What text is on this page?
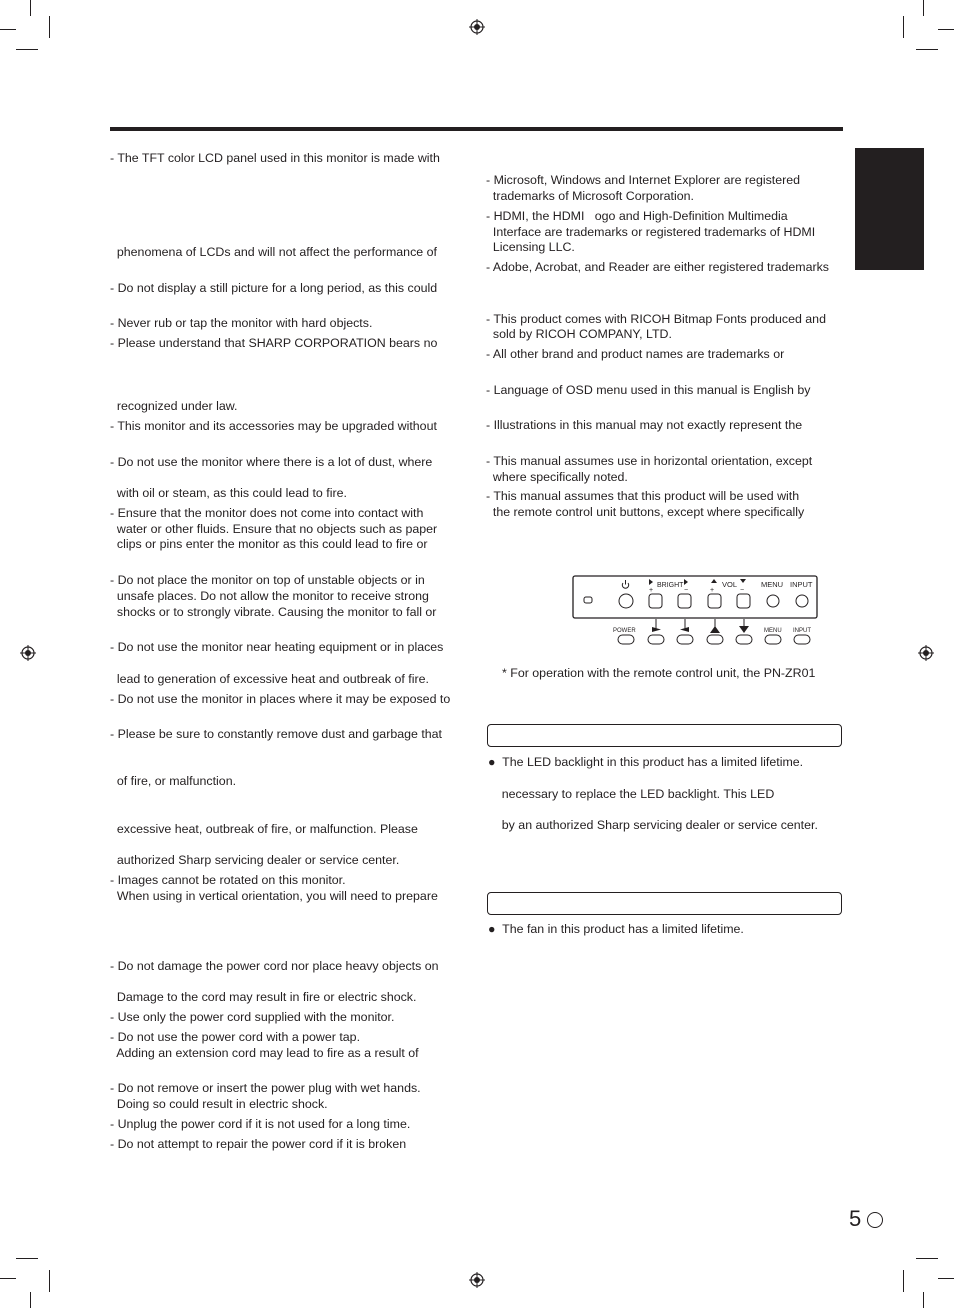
- The TFT color LCD panel used in this monitor is made with
phenomena of LCDs and will not affect the performance of
- Do not display a still picture for a long period, as this could
- Never rub or tap the monitor with hard objects.
- Please understand that SHARP CORPORATION bears no
recognized under law.
- This monitor and its accessories may be upgraded without
- Do not use the monitor where there is a lot of dust, where
with oil or steam, as this could lead to fire.
- Ensure that the monitor does not come into contact with
water or other fluids. Ensure that no objects such as paper
clips or pins enter the monitor as this could lead to fire or
- Do not place the monitor on top of unstable objects or in
unsafe places. Do not allow the monitor to receive strong
shocks or to strongly vibrate. Causing the monitor to fall or
- Do not use the monitor near heating equipment or in places
lead to generation of excessive heat and outbreak of fire.
- Do not use the monitor in places where it may be exposed to
- Please be sure to constantly remove dust and garbage that
of fire, or malfunction.
excessive heat, outbreak of fire, or malfunction. Please
authorized Sharp servicing dealer or service center.
- Images cannot be rotated on this monitor.
When using in vertical orientation, you will need to prepare
- Do not damage the power cord nor place heavy objects on
Damage to the cord may result in fire or electric shock.
- Use only the power cord supplied with the monitor.
- Do not use the power cord with a power tap.
Adding an extension cord may lead to fire as a result of
- Do not remove or insert the power plug with wet hands.
Doing so could result in electric shock.
- Unplug the power cord if it is not used for a long time.
- Do not attempt to repair the power cord if it is broken
- Microsoft, Windows and Internet Explorer are registered
trademarks of Microsoft Corporation.
- HDMI, the HDMI   ogo and High-Definition Multimedia
Interface are trademarks or registered trademarks of HDMI
Licensing LLC.
- Adobe, Acrobat, and Reader are either registered trademarks
- This product comes with RICOH Bitmap Fonts produced and
sold by RICOH COMPANY, LTD.
- All other brand and product names are trademarks or
- Language of OSD menu used in this manual is English by
- Illustrations in this manual may not exactly represent the
- This manual assumes use in horizontal orientation, except
where specifically noted.
- This manual assumes that this product will be used with
the remote control unit buttons, except where specifically
* For operation with the remote control unit, the PN-ZR01
●  The LED backlight in this product has a limited lifetime.
necessary to replace the LED backlight. This LED
by an authorized Sharp servicing dealer or service center.
●  The fan in this product has a limited lifetime.
BRIGHT
+	−
VOL
+	−
MENU INPUT
POWER	MENU INPUT
5
